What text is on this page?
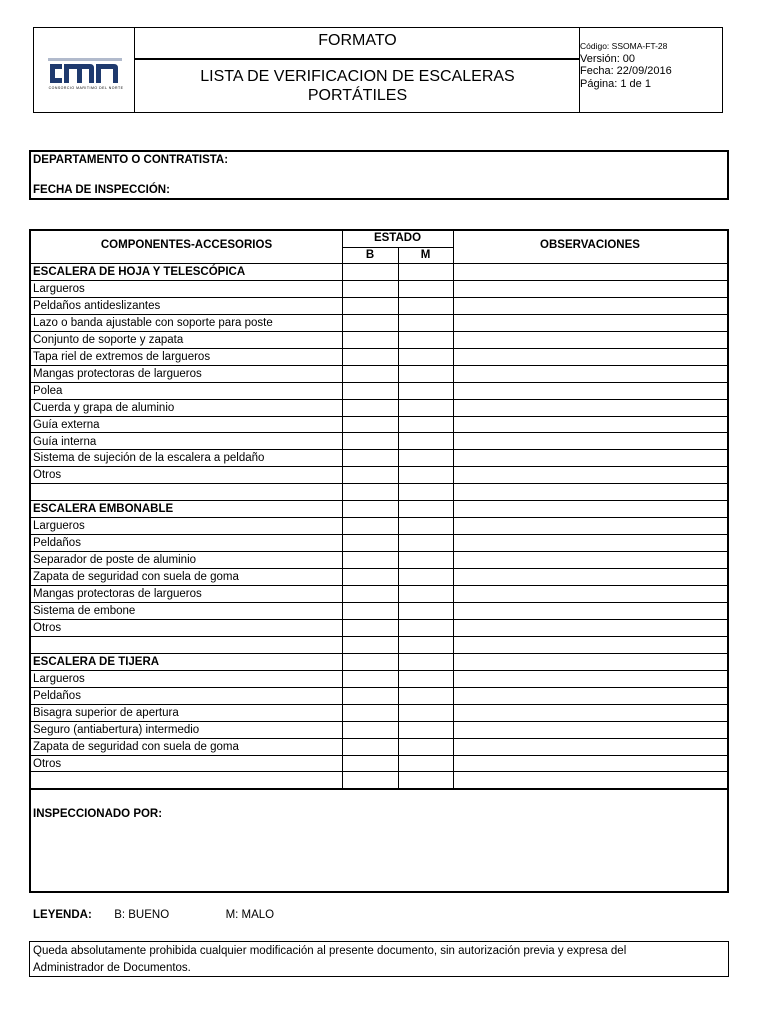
CONSORCIO MARITIMO DEL NORTE
FORMATO
LISTA DE VERIFICACION DE ESCALERAS
PORTÁTILES
Código: SSOMA-FT-28
Versión: 00
Fecha: 22/09/2016
Página: 1 de 1
DEPARTAMENTO O CONTRATISTA:
FECHA DE INSPECCIÓN:
COMPONENTES-ACCESORIOS
ESTADO
B	M
OBSERVACIONES
ESCALERA DE HOJA Y TELESCÓPICA
Largueros
Peldaños antideslizantes
Lazo o banda ajustable con soporte para poste
Conjunto de soporte y zapata
Tapa riel de extremos de largueros
Mangas protectoras de largueros
Polea
Cuerda y grapa de aluminio
Guía externa
Guía interna
Sistema de sujeción de la escalera a peldaño
Otros
ESCALERA EMBONABLE
Largueros
Peldaños
Separador de poste de aluminio
Zapata de seguridad con suela de goma
Mangas protectoras de largueros
Sistema de embone
Otros
ESCALERA DE TIJERA
Largueros
Peldaños
Bisagra superior de apertura
Seguro (antiabertura) intermedio
Zapata de seguridad con suela de goma
Otros
INSPECCIONADO POR:
LEYENDA: B: BUENO	M: MALO
Queda absolutamente prohibida cualquier modificación al presente documento, sin autorización previa y expresa del
Administrador de Documentos.
